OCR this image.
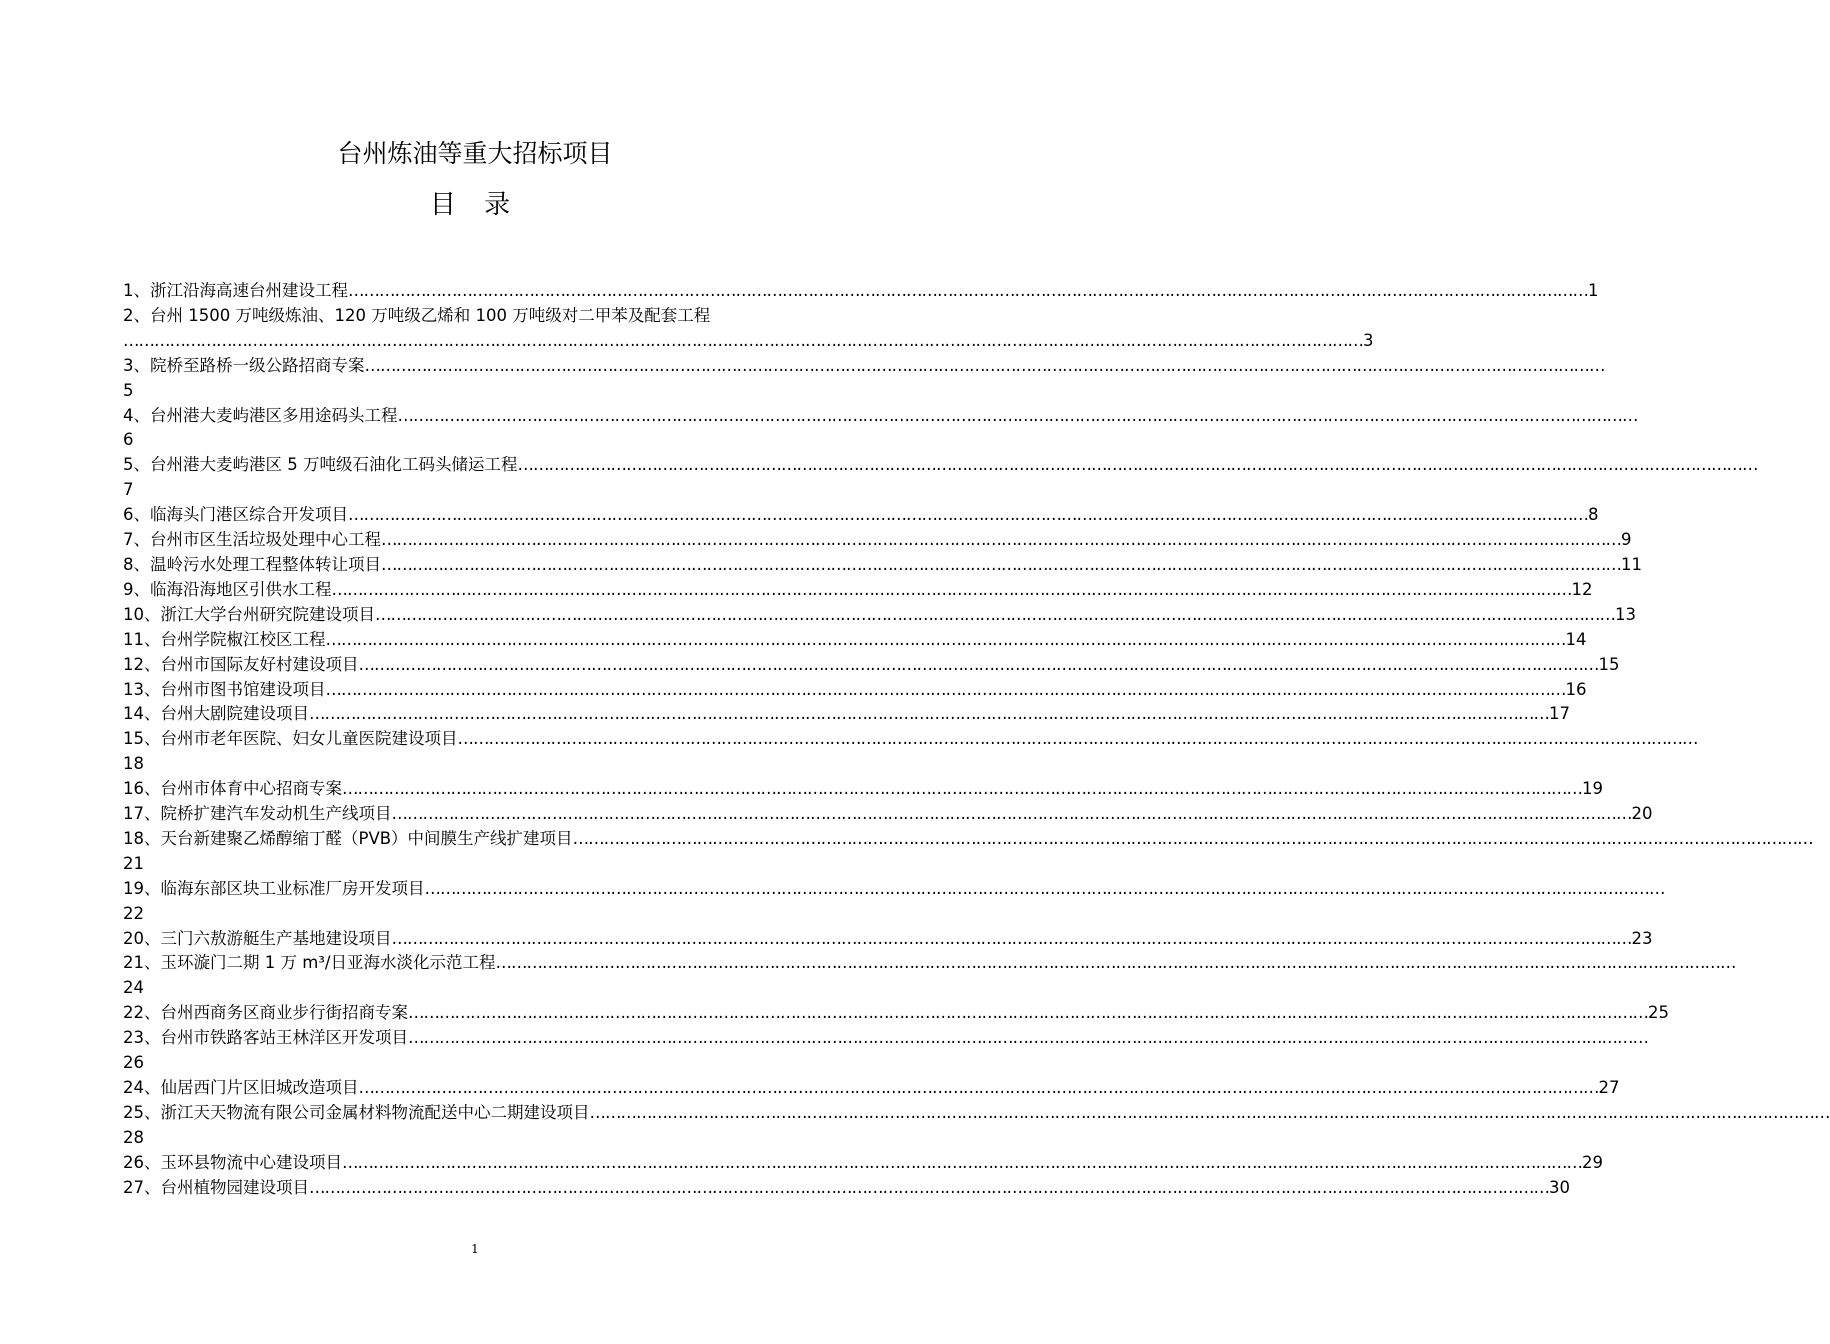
台州炼油等重大招标项目
目 录
1、浙江沿海高速台州建设工程 …………………………………………………………………………………………………………………………………………………………………………………………………………………… 1
2、台州 1500 万吨级炼油、120 万吨级乙烯和 100 万吨级对二甲苯及配套工程
…………………………………………………………………………………………………………………………………………………………………………………………………………………… 3
3、院桥至路桥一级公路招商专案 ……………………………………………………………………………………………………………………………………………………………………………………………………………………
5
4、台州港大麦屿港区多用途码头工程 ……………………………………………………………………………………………………………………………………………………………………………………………………………………
6
5、台州港大麦屿港区 5 万吨级石油化工码头储运工程 ……………………………………………………………………………………………………………………………………………………………………………………………………………………
7
6、临海头门港区综合开发项目 …………………………………………………………………………………………………………………………………………………………………………………………………………………… 8
7、台州市区生活垃圾处理中心工程 …………………………………………………………………………………………………………………………………………………………………………………………………………………… 9
8、温岭污水处理工程整体转让项目 …………………………………………………………………………………………………………………………………………………………………………………………………………………… 11
9、临海沿海地区引供水工程 …………………………………………………………………………………………………………………………………………………………………………………………………………………… 12
10、浙江大学台州研究院建设项目 …………………………………………………………………………………………………………………………………………………………………………………………………………………… 13
11、台州学院椒江校区工程 …………………………………………………………………………………………………………………………………………………………………………………………………………………… 14
12、台州市国际友好村建设项目 …………………………………………………………………………………………………………………………………………………………………………………………………………………… 15
13、台州市图书馆建设项目 …………………………………………………………………………………………………………………………………………………………………………………………………………………… 16
14、台州大剧院建设项目 …………………………………………………………………………………………………………………………………………………………………………………………………………………… 17
15、台州市老年医院、妇女儿童医院建设项目 ……………………………………………………………………………………………………………………………………………………………………………………………………………………
18
16、台州市体育中心招商专案 …………………………………………………………………………………………………………………………………………………………………………………………………………………… 19
17、院桥扩建汽车发动机生产线项目 …………………………………………………………………………………………………………………………………………………………………………………………………………………… 20
18、天台新建聚乙烯醇缩丁醛（PVB）中间膜生产线扩建项目 ……………………………………………………………………………………………………………………………………………………………………………………………………………………
21
19、临海东部区块工业标准厂房开发项目 ……………………………………………………………………………………………………………………………………………………………………………………………………………………
22
20、三门六敖游艇生产基地建设项目 …………………………………………………………………………………………………………………………………………………………………………………………………………………… 23
21、玉环漩门二期 1 万 m³/日亚海水淡化示范工程 ……………………………………………………………………………………………………………………………………………………………………………………………………………………
24
22、台州西商务区商业步行街招商专案 …………………………………………………………………………………………………………………………………………………………………………………………………………………… 25
23、台州市铁路客站王林洋区开发项目 ……………………………………………………………………………………………………………………………………………………………………………………………………………………
26
24、仙居西门片区旧城改造项目 …………………………………………………………………………………………………………………………………………………………………………………………………………………… 27
25、浙江天天物流有限公司金属材料物流配送中心二期建设项目 ……………………………………………………………………………………………………………………………………………………………………………………………………………………
28
26、玉环县物流中心建设项目 …………………………………………………………………………………………………………………………………………………………………………………………………………………… 29
27、台州植物园建设项目 …………………………………………………………………………………………………………………………………………………………………………………………………………………… 30
1
